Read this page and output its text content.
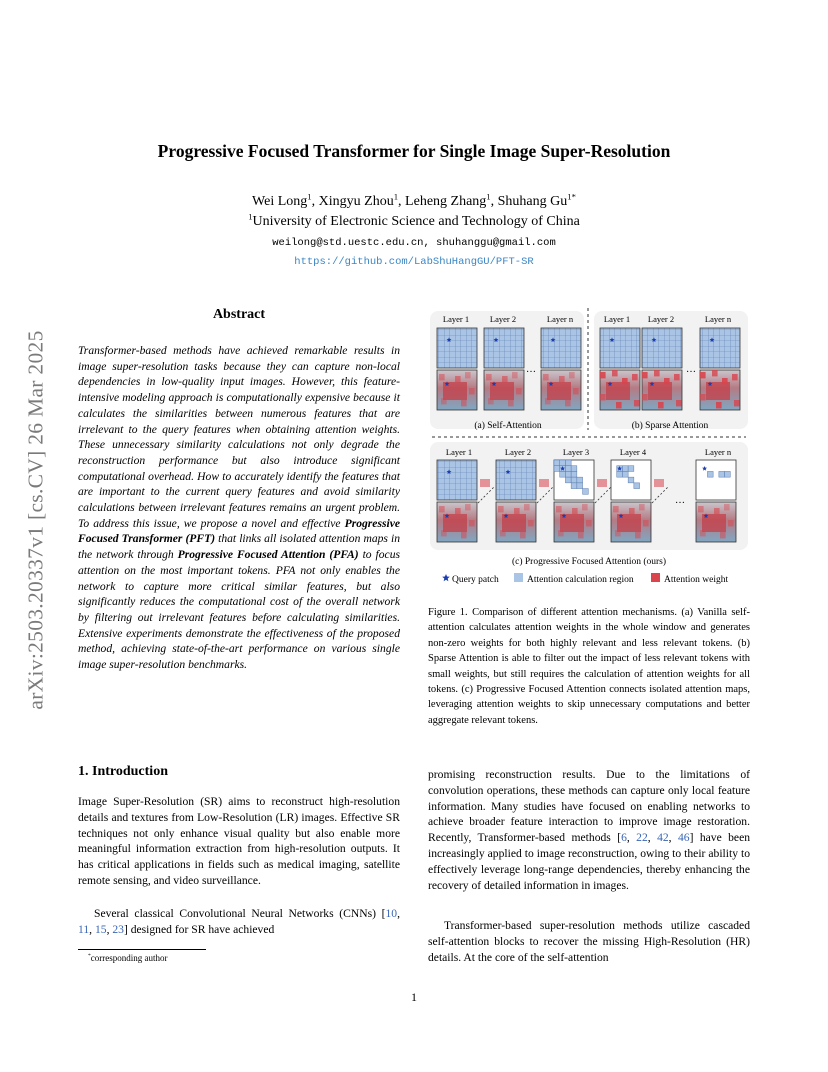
arXiv:2503.20337v1 [cs.CV] 26 Mar 2025
Progressive Focused Transformer for Single Image Super-Resolution
Wei Long$^1$, Xingyu Zhou$^1$, Leheng Zhang$^1$, Shuhang $Gu^{1*}$
$^1$University of Electronic Science and Technology of China
weilong@std.uestc.edu.cn, shuhanggu@gmail.com
https://github.com/LabShuHangGU/PFT-SR
Abstract
Transformer-based methods have achieved remarkable results in image super-resolution tasks because they can capture non-local dependencies in low-quality input images. However, this feature-intensive modeling approach is computationally expensive because it calculates the similarities between numerous features that are irrelevant to the query features when obtaining attention weights. These unnecessary similarity calculations not only degrade the reconstruction performance but also introduce significant computational overhead. How to accurately identify the features that are important to the current query features and avoid similarity calculations between irrelevant features remains an urgent problem. To address this issue, we propose a novel and effective Progressive Focused Transformer (PFT) that links all isolated attention maps in the network through Progressive Focused Attention (PFA) to focus attention on the most important tokens. PFA not only enables the network to capture more critical similar features, but also significantly reduces the computational cost of the overall network by filtering out irrelevant features before calculating similarities. Extensive experiments demonstrate the effectiveness of the proposed method, achieving state-of-the-art performance on various single image super-resolution benchmarks.
1. Introduction
Image Super-Resolution (SR) aims to reconstruct high-resolution details and textures from Low-Resolution (LR) images. Effective SR techniques not only enhance visual quality but also enable more meaningful information extraction from high-resolution outputs. It has critical applications in fields such as medical imaging, satellite remote sensing, and video surveillance.
Several classical Convolutional Neural Networks (CNNs) [10, 11, 15, 23] designed for SR have achieved
promising reconstruction results. Due to the limitations of convolution operations, these methods can capture only local feature information. Many studies have focused on enabling networks to achieve broader feature interaction to improve image restoration. Recently, Transformer-based methods [6, 22, 42, 46] have been increasingly applied to image reconstruction, owing to their ability to effectively leverage long-range dependencies, thereby enhancing the recovery of detailed information in images.
Transformer-based super-resolution methods utilize cascaded self-attention blocks to recover the missing High-Resolution (HR) details. At the core of the self-attention
*corresponding author
1
Figure 1. Comparison of different attention mechanisms. (a) Vanilla self-attention calculates attention weights in the whole window and generates non-zero weights for both highly relevant and less relevant tokens. (b) Sparse Attention is able to filter out the impact of less relevant tokens with small weights, but still requires the calculation of attention weights for all tokens. (c) Progressive Focused Attention connects isolated attention maps, leveraging attention weights to skip unnecessary computations and better aggregate relevant tokens.
Layer 1 Layer 2	Layer n
…
(a) Self-Attention
Layer 1 Layer 2	Layer n
…
(b) Sparse Attention
Layer 1	Layer 2	Layer 3	Layer 4	Layer n
…
(c) Progressive Focused Attention (ours)
Query patch	Attention calculation region	Attention weight
